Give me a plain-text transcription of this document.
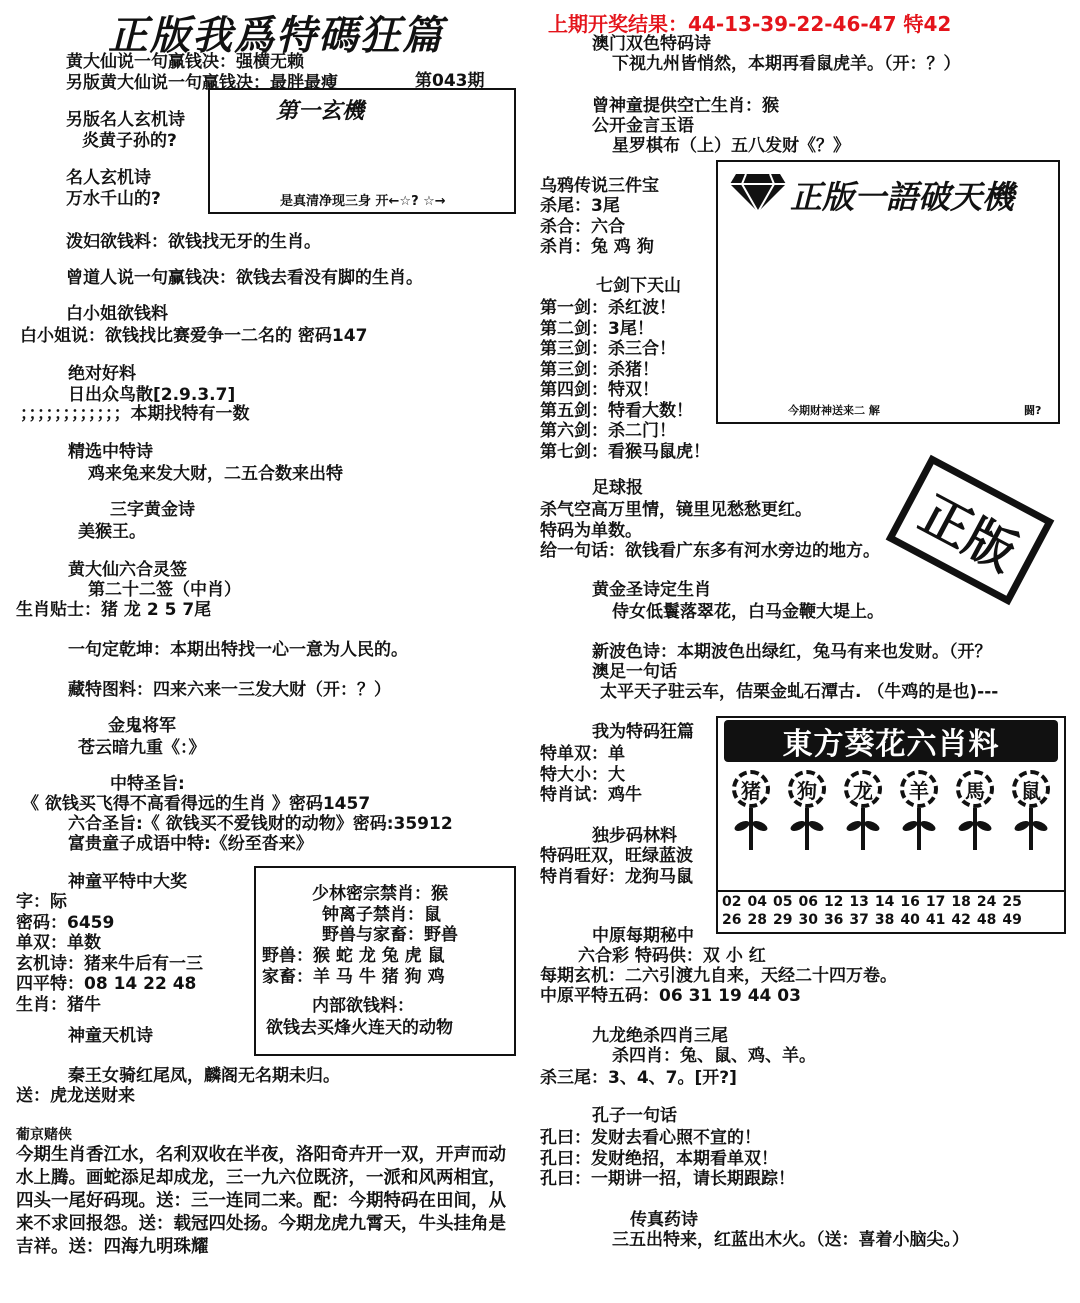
正版我爲特碼狂篇	上期开奖结果：44-13-39-22-46-47 特42
黄大仙说一句赢钱决：强横无赖
另版黄大仙说一句赢钱决：最胖最瘦	第043期
第一玄機
是真清净现三身 开←☆? ☆→
另版名人玄机诗
炎黄子孙的?
名人玄机诗
万水千山的?
泼妇欲钱料：欲钱找无牙的生肖。
曾道人说一句赢钱决：欲钱去看没有脚的生肖。
白小姐欲钱料
白小姐说：欲钱找比赛爱争一二名的 密码147
绝对好料
日出众鸟散[2.9.3.7]
；；；；；；；；；；；；本期找特有一数
精选中特诗
鸡来兔来发大财，二五合数来出特
三字黄金诗
美猴王。
黄大仙六合灵签
第二十二签（中肖）
生肖贴士：猪 龙 2 5 7尾
一句定乾坤：本期出特找一心一意为人民的。
藏特图料：四来六来一三发大财（开：？）
金鬼将军
苍云暗九重《：》
中特圣旨:
《 欲钱买飞得不高看得远的生肖 》密码1457
六合圣旨:《 欲钱买不爱钱财的动物》密码:35912
富贵童子成语中特:《纷至沓来》
神童平特中大奖
字：际
密码：6459
单双：单数
玄机诗：猪来牛后有一三
四平特：08 14 22 48
生肖：猪牛
少林密宗禁肖：猴
钟离子禁肖：鼠
野兽与家畜：野兽
野兽：猴 蛇 龙 兔 虎 鼠
家畜：羊 马 牛 猪 狗 鸡
内部欲钱料：
欲钱去买烽火连天的动物
神童天机诗
秦王女骑红尾凤，麟阁无名期未归。
送：虎龙送财来
葡京赌侠
今期生肖香江水，名利双收在半夜，洛阳奇卉开一双，开声而动水上腾。画蛇添足却成龙，三一九六位既济，一派和风两相宜，四头一尾好码现。送：三一连同二来。配：今期特码在田间，从来不求回报怨。送：载冠四处扬。今期龙虎九霄天，牛头挂角是吉祥。送：四海九明珠耀
澳门双色特码诗
下视九州皆悄然，本期再看鼠虎羊。（开：？）
曾神童提供空亡生肖：猴
公开金言玉语
星罗棋布（上）五八发财《？》
正版一語破天機
今期财神送来二 解	闘?
乌鸦传说三件宝
杀尾：3尾
杀合：六合
杀肖：兔 鸡 狗
七剑下天山
第一剑：杀红波！
第二剑：3尾！
第三剑：杀三合！
第三剑：杀猪！
第四剑：特双！
第五剑：特看大数！
第六剑：杀二门！
第七剑：看猴马鼠虎！
正版
足球报
杀气空高万里情，镜里见愁愁更红。
特码为单数。
给一句话：欲钱看广东多有河水旁边的地方。
黄金圣诗定生肖
侍女低鬟落翠花，白马金鞭大堤上。
新波色诗：本期波色出绿红，兔马有来也发财。（开？
澳足一句话
太平天子驻云车，佶栗金虬石潭古. （牛鸡的是也)---
我为特码狂篇
特单双：单
特大小：大
特肖试：鸡牛
独步码林料
特码旺双，旺绿蓝波
特肖看好：龙狗马鼠
東方葵花六肖料
猪	狗	龙	羊	馬	鼠
02 04 05 06 12 13 14 16 17 18 24 25
26 28 29 30 36 37 38 40 41 42 48 49
中原每期秘中
六合彩 特码供：双 小 红
每期玄机：二六引渡九自来，天经二十四万卷。
中原平特五码：06 31 19 44 03
九龙绝杀四肖三尾
杀四肖：兔、鼠、鸡、羊。
杀三尾：3、4、7。[开?]
孔子一句话
孔曰：发财去看心照不宣的！
孔曰：发财绝招，本期看单双！
孔曰：一期讲一招，请长期跟踪！
传真药诗
三五出特来，红蓝出木火。（送：喜着小脑尖。）
